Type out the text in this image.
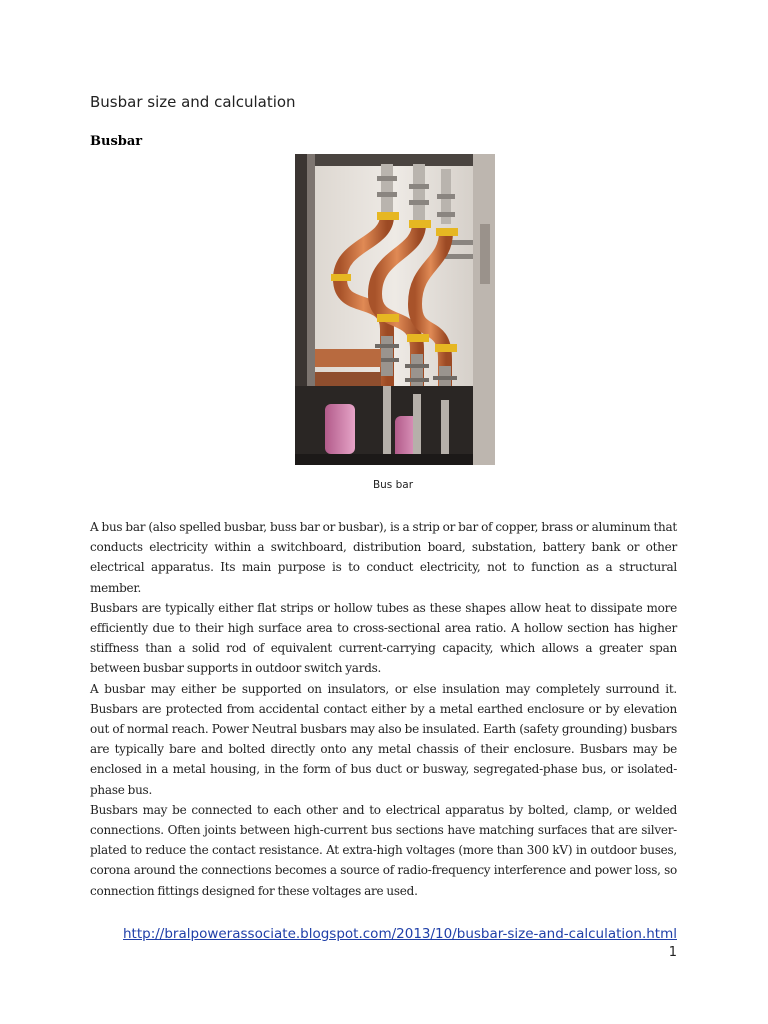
Busbar size and calculation
Busbar
Bus bar

A bus bar (also spelled busbar, buss bar or busbar), is a strip or bar of copper, brass or aluminum that conducts electricity within a switchboard, distribution board, substation, battery bank or other electrical apparatus. Its main purpose is to conduct electricity, not to function as a structural member.

Busbars are typically either flat strips or hollow tubes as these shapes allow heat to dissipate more efficiently due to their high surface area to cross-sectional area ratio. A hollow section has higher stiffness than a solid rod of equivalent current-carrying capacity, which allows a greater span between busbar supports in outdoor switch yards.

A busbar may either be supported on insulators, or else insulation may completely surround it. Busbars are protected from accidental contact either by a metal earthed enclosure or by elevation out of normal reach. Power Neutral busbars may also be insulated. Earth (safety grounding) busbars are typically bare and bolted directly onto any metal chassis of their enclosure. Busbars may be enclosed in a metal housing, in the form of bus duct or busway, segregated-phase bus, or isolated-phase bus.

Busbars may be connected to each other and to electrical apparatus by bolted, clamp, or welded connections. Often joints between high-current bus sections have matching surfaces that are silver-plated to reduce the contact resistance. At extra-high voltages (more than 300 kV) in outdoor buses, corona around the connections becomes a source of radio-frequency interference and power loss, so connection fittings designed for these voltages are used.

http://bralpowerassociate.blogspot.com/2013/10/busbar-size-and-calculation.html
1
